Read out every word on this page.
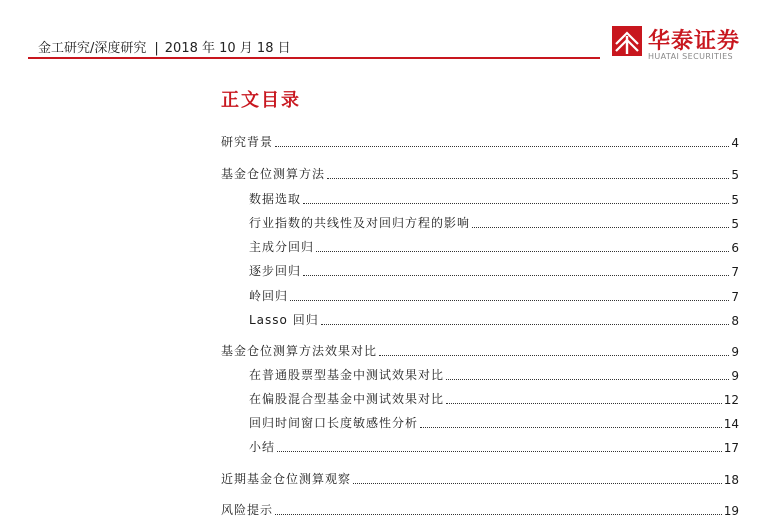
金工研究/深度研究 | 2018 年 10 月 18 日	华泰证券
HUATAI SECURITIES
正文目录
研究背景	4
基金仓位测算方法	5
数据选取	5
行业指数的共线性及对回归方程的影响	5
主成分回归	6
逐步回归	7
岭回归	7
Lasso 回归	8
基金仓位测算方法效果对比	9
在普通股票型基金中测试效果对比	9
在偏股混合型基金中测试效果对比	12
回归时间窗口长度敏感性分析	14
小结	17
近期基金仓位测算观察	18
风险提示	19
